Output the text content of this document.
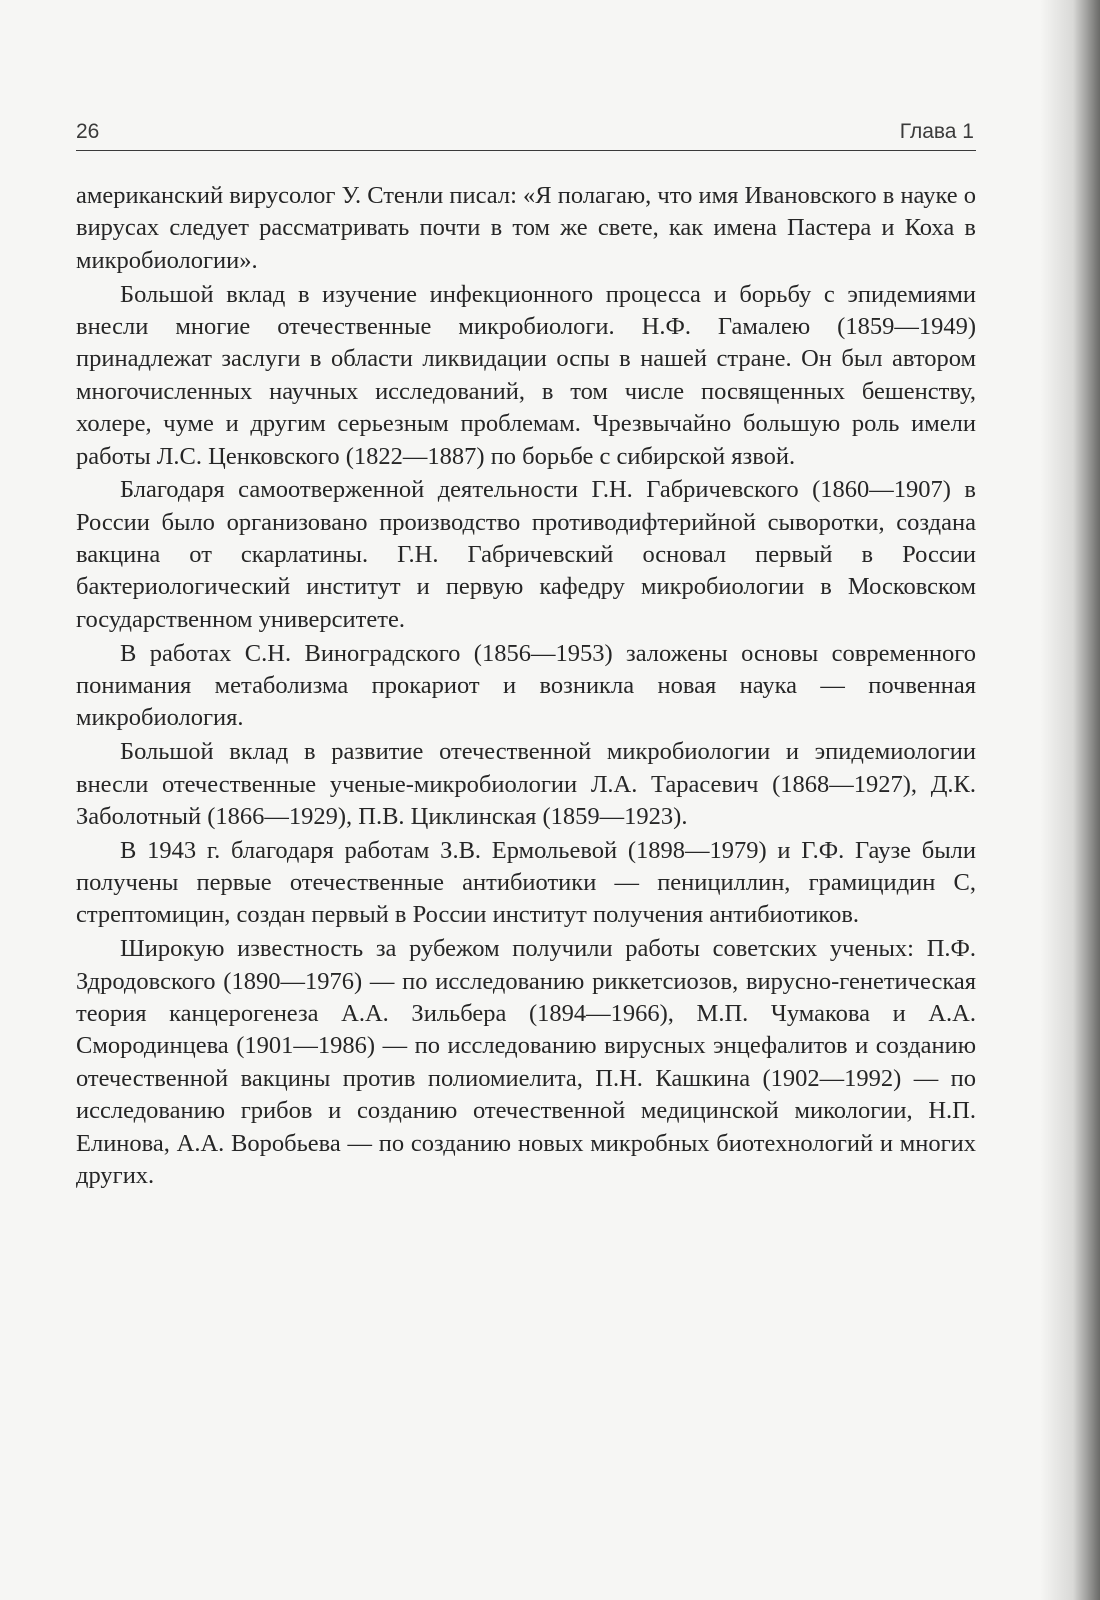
26	Глава 1

американский вирусолог У. Стенли писал: «Я полагаю, что имя Ивановского в науке о вирусах следует рассматривать почти в том же свете, как имена Пастера и Коха в микробиологии».

Большой вклад в изучение инфекционного процесса и борьбу с эпидемиями внесли многие отечественные микробиологи. Н.Ф. Гамалею (1859—1949) принадлежат заслуги в области ликвидации оспы в нашей стране. Он был автором многочисленных научных исследований, в том числе посвященных бешенству, холере, чуме и другим серьезным проблемам. Чрезвычайно большую роль имели работы Л.С. Ценковского (1822—1887) по борьбе с сибирской язвой.

Благодаря самоотверженной деятельности Г.Н. Габричевского (1860—1907) в России было организовано производство противодифтерийной сыворотки, создана вакцина от скарлатины. Г.Н. Габричевский основал первый в России бактериологический институт и первую кафедру микробиологии в Московском государственном университете.

В работах С.Н. Виноградского (1856—1953) заложены основы современного понимания метаболизма прокариот и возникла новая наука — почвенная микробиология.

Большой вклад в развитие отечественной микробиологии и эпидемиологии внесли отечественные ученые-микробиологии Л.А. Тарасевич (1868—1927), Д.К. Заболотный (1866—1929), П.В. Циклинская (1859—1923).

В 1943 г. благодаря работам З.В. Ермольевой (1898—1979) и Г.Ф. Гаузе были получены первые отечественные антибиотики — пенициллин, грамицидин С, стрептомицин, создан первый в России институт получения антибиотиков.

Широкую известность за рубежом получили работы советских ученых: П.Ф. Здродовского (1890—1976) — по исследованию риккетсиозов, вирусно-генетическая теория канцерогенеза А.А. Зильбера (1894—1966), М.П. Чумакова и А.А. Смородинцева (1901—1986) — по исследованию вирусных энцефалитов и созданию отечественной вакцины против полиомиелита, П.Н. Кашкина (1902—1992) — по исследованию грибов и созданию отечественной медицинской микологии, Н.П. Елинова, А.А. Воробьева — по созданию новых микробных биотехнологий и многих других.
